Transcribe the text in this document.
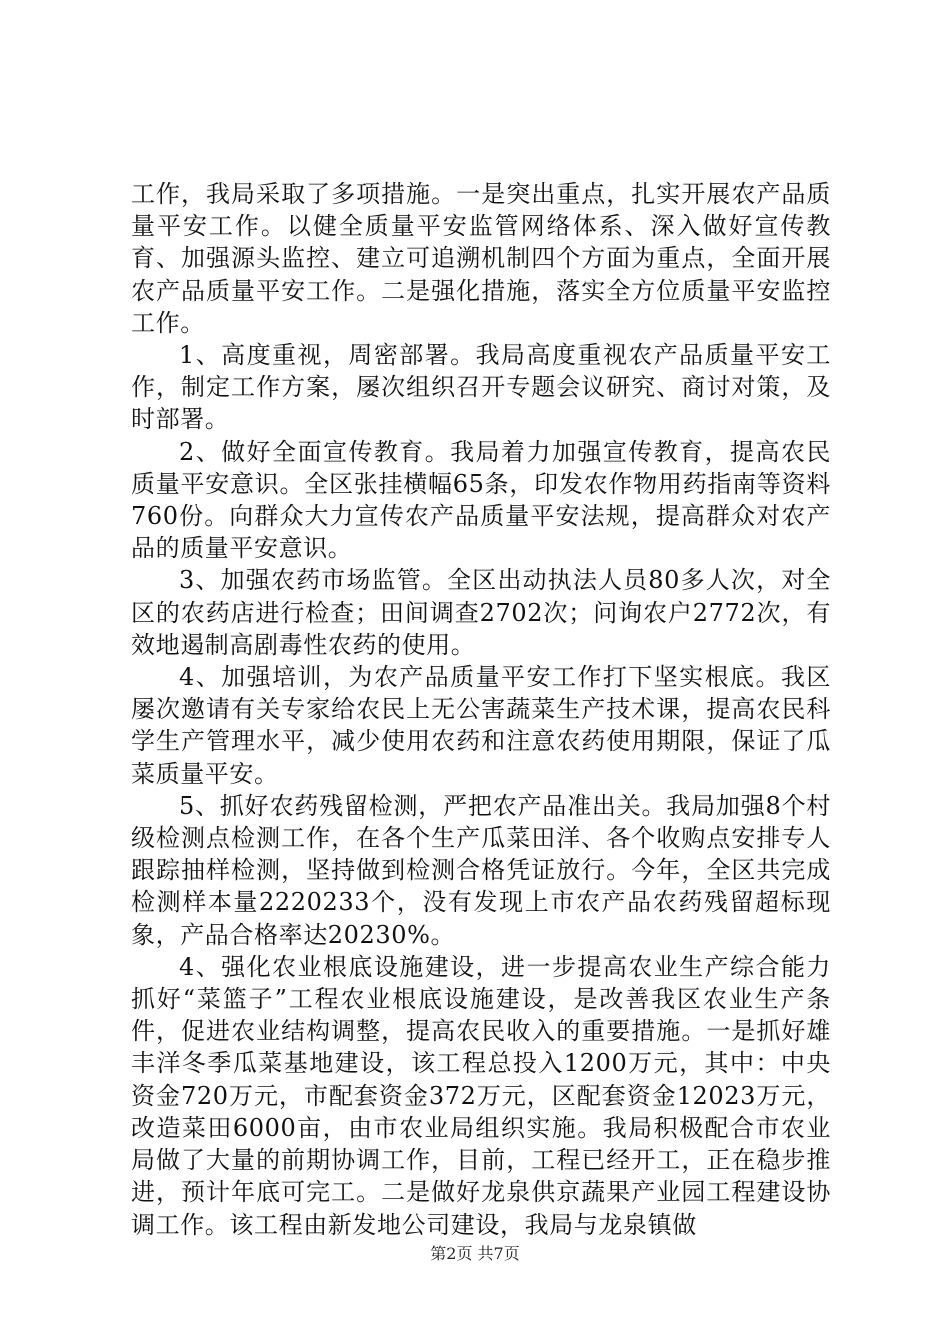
工作，我局采取了多项措施。一是突出重点，扎实开展农产品质量平安工作。以健全质量平安监管网络体系、深入做好宣传教育、加强源头监控、建立可追溯机制四个方面为重点，全面开展农产品质量平安工作。二是强化措施，落实全方位质量平安监控工作。

1、高度重视，周密部署。我局高度重视农产品质量平安工作，制定工作方案，屡次组织召开专题会议研究、商讨对策，及时部署。

2、做好全面宣传教育。我局着力加强宣传教育，提高农民质量平安意识。全区张挂横幅65条，印发农作物用药指南等资料760份。向群众大力宣传农产品质量平安法规，提高群众对农产品的质量平安意识。

3、加强农药市场监管。全区出动执法人员80多人次，对全区的农药店进行检查；田间调查2702次；问询农户2772次，有效地遏制高剧毒性农药的使用。

4、加强培训，为农产品质量平安工作打下坚实根底。我区屡次邀请有关专家给农民上无公害蔬菜生产技术课，提高农民科学生产管理水平，减少使用农药和注意农药使用期限，保证了瓜菜质量平安。

5、抓好农药残留检测，严把农产品准出关。我局加强8个村级检测点检测工作，在各个生产瓜菜田洋、各个收购点安排专人跟踪抽样检测，坚持做到检测合格凭证放行。今年，全区共完成检测样本量2220233个，没有发现上市农产品农药残留超标现象，产品合格率达20230%。

4、强化农业根底设施建设，进一步提高农业生产综合能力抓好“菜篮子”工程农业根底设施建设，是改善我区农业生产条件，促进农业结构调整，提高农民收入的重要措施。一是抓好雄丰洋冬季瓜菜基地建设，该工程总投入1200万元，其中：中央资金720万元，市配套资金372万元，区配套资金12023万元，改造菜田6000亩，由市农业局组织实施。我局积极配合市农业局做了大量的前期协调工作，目前，工程已经开工，正在稳步推进，预计年底可完工。二是做好龙泉供京蔬果产业园工程建设协调工作。该工程由新发地公司建设，我局与龙泉镇做

第2页 共7页
